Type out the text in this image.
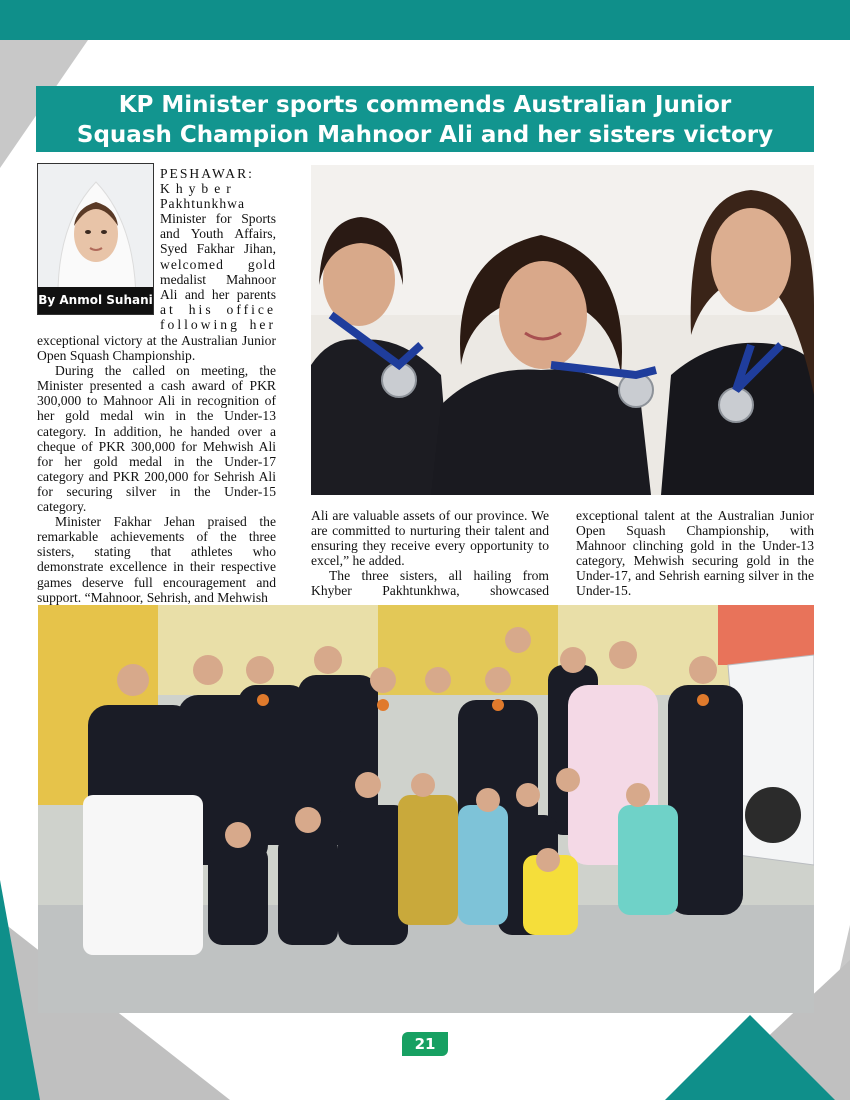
KP Minister sports commends Australian Junior
Squash Champion Mahnoor Ali and her sisters victory
By Anmol Suhani
PESHAWAR:
Khyber
Pakhtunkhwa
Minister for Sports
and Youth Affairs,
Syed Fakhar Jihan,
welcomed gold
medalist Mahnoor
Ali and her parents
at his office
following her

exceptional victory at the Australian Junior Open Squash Championship.

During the called on meeting, the Minister presented a cash award of PKR 300,000 to Mahnoor Ali in recognition of her gold medal win in the Under-13 category. In addition, he handed over a cheque of PKR 300,000 for Mehwish Ali for her gold medal in the Under-17 category and PKR 200,000 for Sehrish Ali for securing silver in the Under-15 category.

Minister Fakhar Jehan praised the remarkable achievements of the three sisters, stating that athletes who demonstrate excellence in their respective games deserve full encouragement and support. “Mahnoor, Sehrish, and Mehwish

Ali are valuable assets of our province. We are committed to nurturing their talent and ensuring they receive every opportunity to excel,” he added.

The three sisters, all hailing from Khyber Pakhtunkhwa, showcased

exceptional talent at the Australian Junior Open Squash Championship, with Mahnoor clinching gold in the Under-13 category, Mehwish securing gold in the Under-17, and Sehrish earning silver in the Under-15.

21
